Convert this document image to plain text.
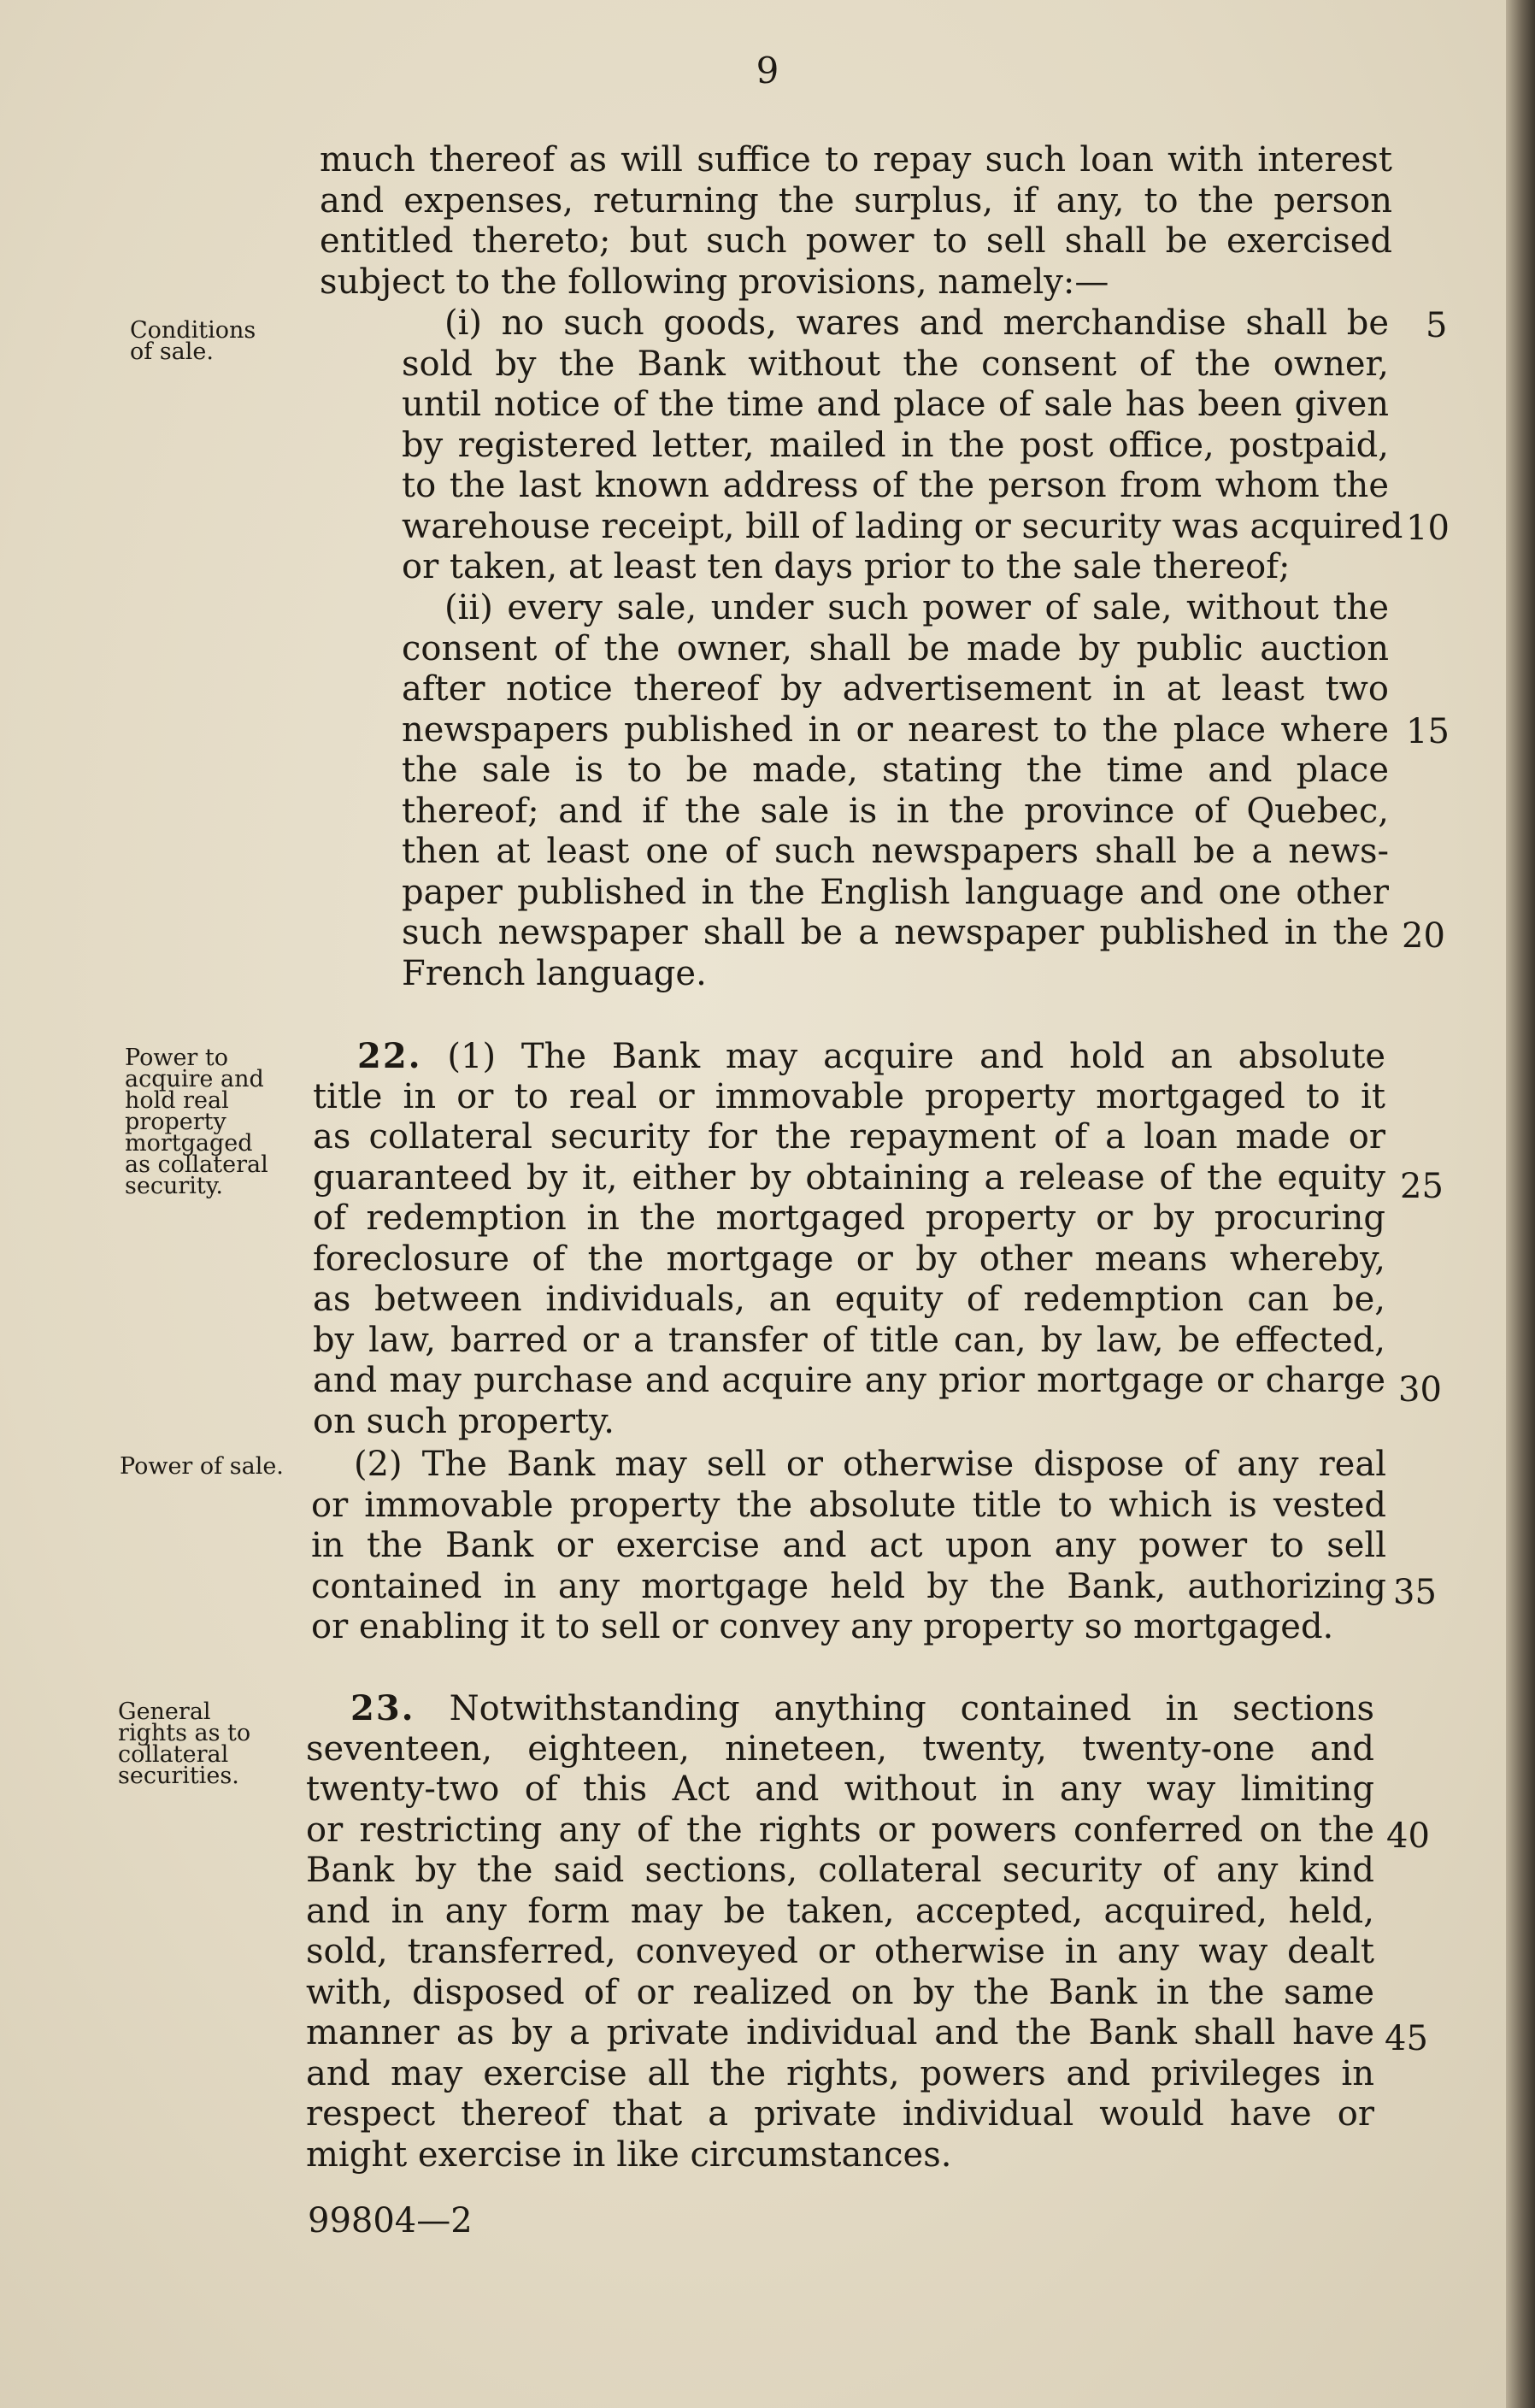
9
much thereof as will suffice to repay such loan with interest
and expenses, returning the surplus, if any, to the person
entitled thereto; but such power to sell shall be exercised
subject to the following provisions, namely:—
Conditions
of sale.
(i) no such goods, wares and merchandise shall be
sold by the Bank without the consent of the owner,
until notice of the time and place of sale has been given
by registered letter, mailed in the post office, postpaid,
to the last known address of the person from whom the
warehouse receipt, bill of lading or security was acquired
or taken, at least ten days prior to the sale thereof;
(ii) every sale, under such power of sale, without the
consent of the owner, shall be made by public auction
after notice thereof by advertisement in at least two
newspapers published in or nearest to the place where
the sale is to be made, stating the time and place
thereof; and if the sale is in the province of Quebec,
then at least one of such newspapers shall be a news-
paper published in the English language and one other
such newspaper shall be a newspaper published in the
French language.
Power to
acquire and
hold real
property
mortgaged
as collateral
security.
22. (1) The Bank may acquire and hold an absolute
title in or to real or immovable property mortgaged to it
as collateral security for the repayment of a loan made or
guaranteed by it, either by obtaining a release of the equity
of redemption in the mortgaged property or by procuring
foreclosure of the mortgage or by other means whereby,
as between individuals, an equity of redemption can be,
by law, barred or a transfer of title can, by law, be effected,
and may purchase and acquire any prior mortgage or charge
on such property.
Power of sale.	(2) The Bank may sell or otherwise dispose of any real
or immovable property the absolute title to which is vested
in the Bank or exercise and act upon any power to sell
contained in any mortgage held by the Bank, authorizing
or enabling it to sell or convey any property so mortgaged.
General
rights as to
collateral
securities.
23. Notwithstanding anything contained in sections
seventeen, eighteen, nineteen, twenty, twenty-one and
twenty-two of this Act and without in any way limiting
or restricting any of the rights or powers conferred on the
Bank by the said sections, collateral security of any kind
and in any form may be taken, accepted, acquired, held,
sold, transferred, conveyed or otherwise in any way dealt
with, disposed of or realized on by the Bank in the same
manner as by a private individual and the Bank shall have
and may exercise all the rights, powers and privileges in
respect thereof that a private individual would have or
might exercise in like circumstances.
5
10
15
20
25
30
35
40
45
99804—2
